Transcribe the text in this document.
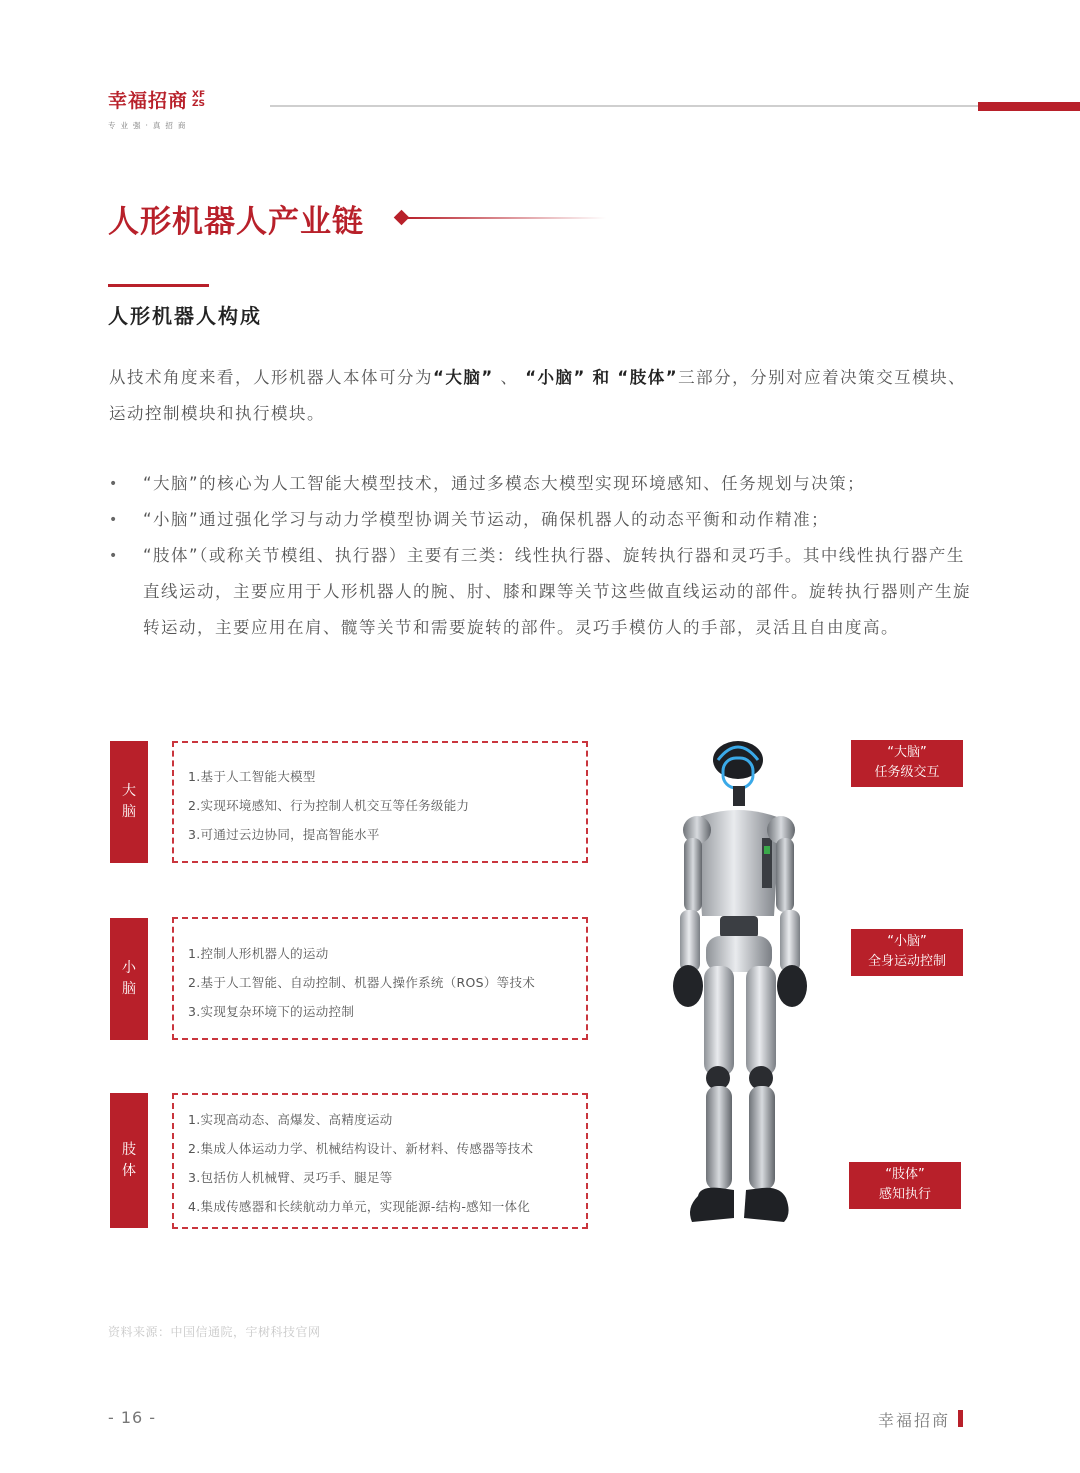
幸福招商 XFZS
专业强·真招商
人形机器人产业链
人形机器人构成
从技术角度来看，人形机器人本体可分为“大脑” 、 “小脑” 和 “肢体”三部分，分别对应着决策交互模块、运动控制模块和执行模块。
• “大脑”的核心为人工智能大模型技术，通过多模态大模型实现环境感知、任务规划与决策；
• “小脑”通过强化学习与动力学模型协调关节运动，确保机器人的动态平衡和动作精准；
• “肢体”（或称关节模组、执行器）主要有三类：线性执行器、旋转执行器和灵巧手。其中线性执行器产生直线运动，主要应用于人形机器人的腕、肘、膝和踝等关节这些做直线运动的部件。旋转执行器则产生旋转运动，主要应用在肩、髋等关节和需要旋转的部件。灵巧手模仿人的手部，灵活且自由度高。
大脑
1.基于人工智能大模型
2.实现环境感知、行为控制人机交互等任务级能力
3.可通过云边协同，提高智能水平
小脑
1.控制人形机器人的运动
2.基于人工智能、自动控制、机器人操作系统（ROS）等技术
3.实现复杂环境下的运动控制
肢体
1.实现高动态、高爆发、高精度运动
2.集成人体运动力学、机械结构设计、新材料、传感器等技术
3.包括仿人机械臂、灵巧手、腿足等
4.集成传感器和长续航动力单元，实现能源-结构-感知一体化
“大脑”
任务级交互
“小脑”
全身运动控制
“肢体”
感知执行
资料来源：中国信通院，宇树科技官网
- 16 -	幸福招商
